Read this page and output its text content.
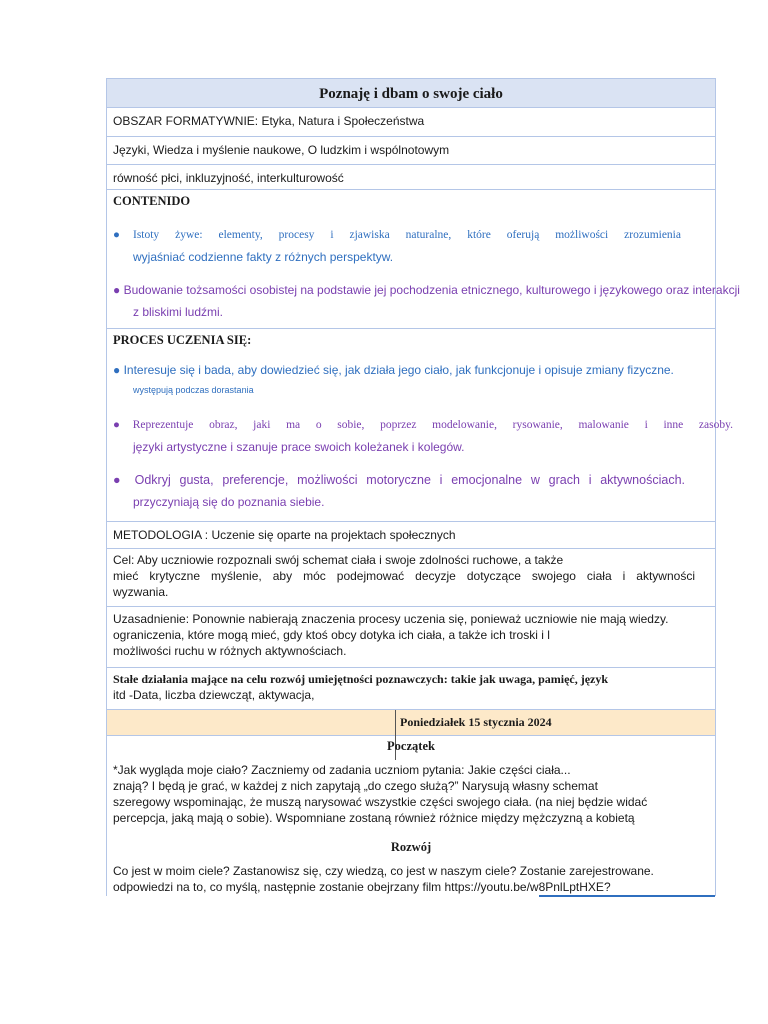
Poznaję i dbam o swoje ciało
OBSZAR FORMATYWNIE: Etyka, Natura i Społeczeństwa
Języki, Wiedza i myślenie naukowe, O ludzkim i wspólnotowym
równość płci, inkluzyjność, interkulturowość
CONTENIDO
●Istoty żywe: elementy, procesy i zjawiska naturalne, które oferują możliwości zrozumienia
wyjaśniać codzienne fakty z różnych perspektyw.
● Budowanie tożsamości osobistej na podstawie jej pochodzenia etnicznego, kulturowego i językowego oraz interakcji
z bliskimi ludźmi.
PROCES UCZENIA SIĘ:
● Interesuje się i bada, aby dowiedzieć się, jak działa jego ciało, jak funkcjonuje i opisuje zmiany fizyczne.
występują podczas dorastania
●Reprezentuje obraz, jaki ma o sobie, poprzez modelowanie, rysowanie, malowanie i inne zasoby.
języki artystyczne i szanuje prace swoich koleżanek i kolegów.
● Odkryj gusta, preferencje, możliwości motoryczne i emocjonalne w grach i aktywnościach.
przyczyniają się do poznania siebie.
METODOLOGIA : Uczenie się oparte na projektach społecznych
Cel: Aby uczniowie rozpoznali swój schemat ciała i swoje zdolności ruchowe, a także
mieć krytyczne myślenie, aby móc podejmować decyzje dotyczące swojego ciała i aktywności
wyzwania.
Uzasadnienie: Ponownie nabierają znaczenia procesy uczenia się, ponieważ uczniowie nie mają wiedzy.
ograniczenia, które mogą mieć, gdy ktoś obcy dotyka ich ciała, a także ich troski i l
możliwości ruchu w różnych aktywnościach.
Stałe działania mające na celu rozwój umiejętności poznawczych: takie jak uwaga, pamięć, język
itd -Data, liczba dziewcząt, aktywacja,
Poniedziałek 15 stycznia 2024
Początek
*Jak wygląda moje ciało? Zaczniemy od zadania uczniom pytania: Jakie części ciała...
znają? I będą je grać, w każdej z nich zapytają „do czego służą?” Narysują własny schemat
szeregowy wspominając, że muszą narysować wszystkie części swojego ciała. (na niej będzie widać
percepcja, jaką mają o sobie). Wspomniane zostaną również różnice między mężczyzną a kobietą
Rozwój
Co jest w moim ciele? Zastanowisz się, czy wiedzą, co jest w naszym ciele? Zostanie zarejestrowane.
odpowiedzi na to, co myślą, następnie zostanie obejrzany film https://youtu.be/w8PnlLptHXE?
